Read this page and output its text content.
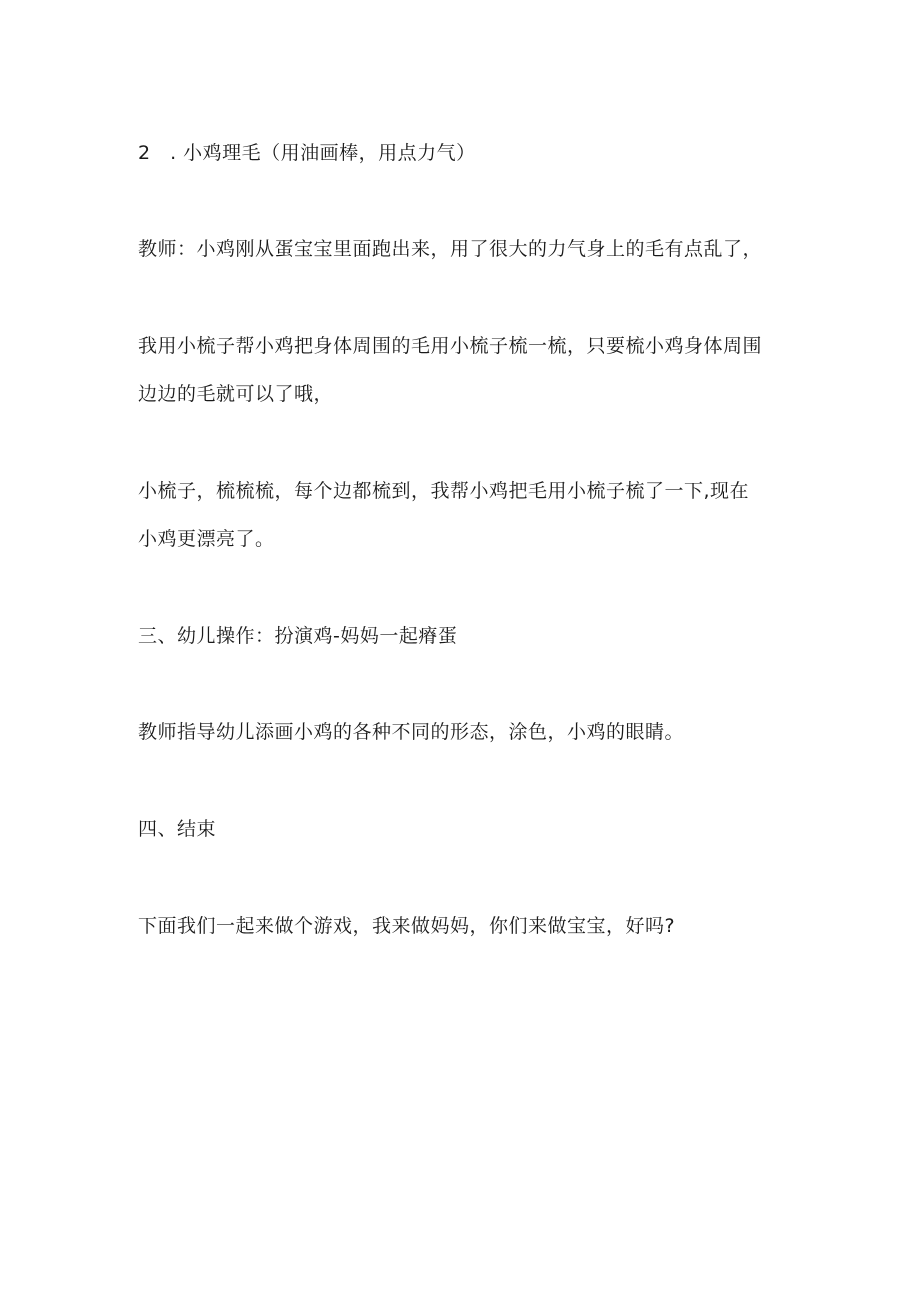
2　. 小鸡理毛（用油画棒，用点力气）
教师：小鸡刚从蛋宝宝里面跑出来，用了很大的力气身上的毛有点乱了，
我用小梳子帮小鸡把身体周围的毛用小梳子梳一梳，只要梳小鸡身体周围
边边的毛就可以了哦，
小梳子，梳梳梳，每个边都梳到，我帮小鸡把毛用小梳子梳了一下,现在
小鸡更漂亮了。
三、幼儿操作：扮演鸡-妈妈一起瘠蛋
教师指导幼儿添画小鸡的各种不同的形态，涂色，小鸡的眼睛。
四、结束
下面我们一起来做个游戏，我来做妈妈，你们来做宝宝，好吗?
